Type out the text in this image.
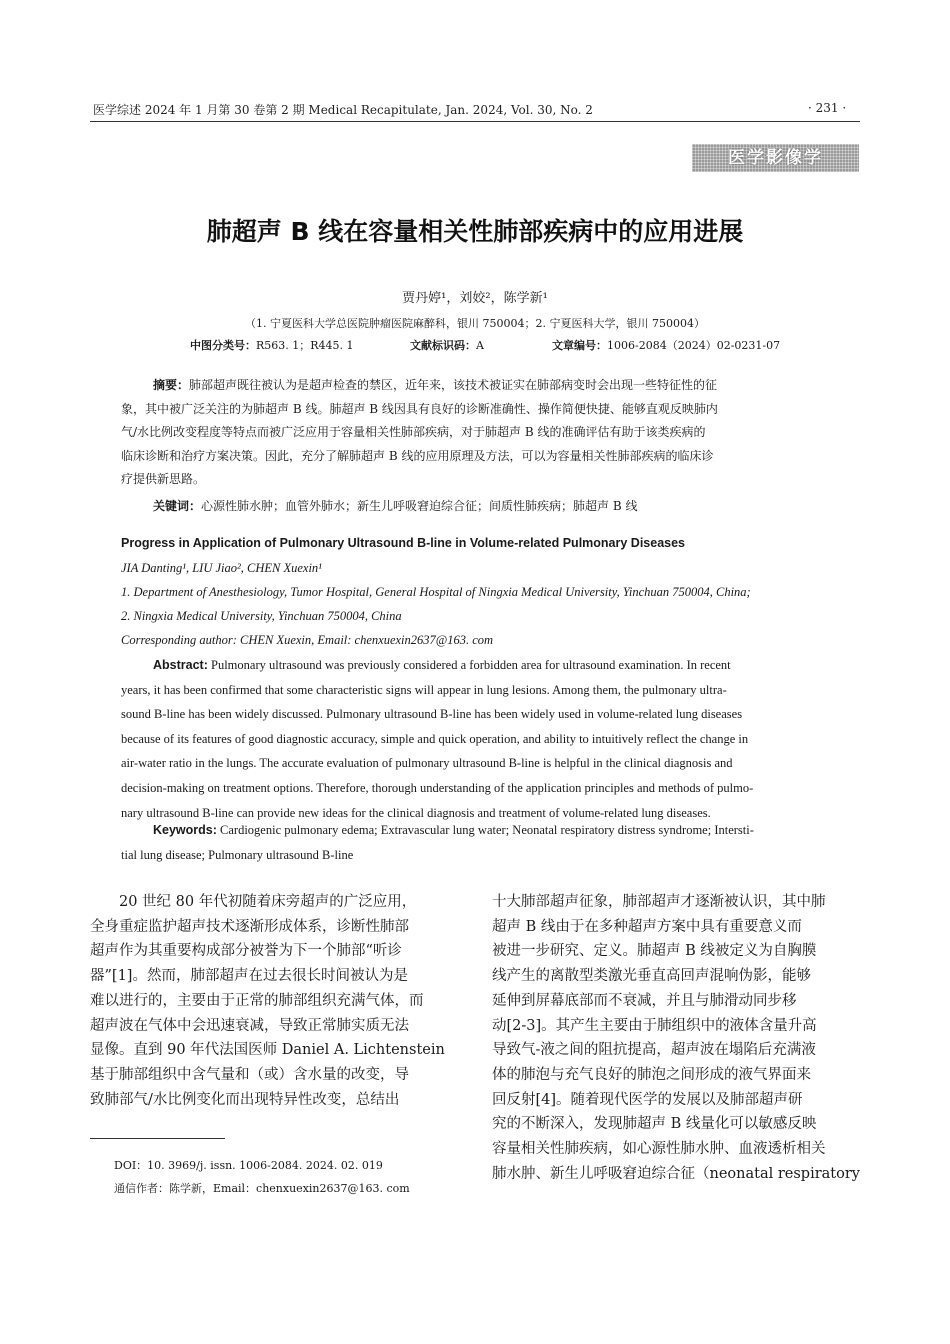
医学综述 2024 年 1 月第 30 卷第 2 期 Medical Recapitulate, Jan. 2024, Vol. 30, No. 2	· 231 ·
医学影像学
肺超声 B 线在容量相关性肺部疾病中的应用进展
贾丹婷¹，刘姣²，陈学新¹
（1. 宁夏医科大学总医院肿瘤医院麻醉科，银川 750004；2. 宁夏医科大学，银川 750004）
中图分类号：R563. 1；R445. 1	文献标识码：A	文章编号：1006-2084（2024）02-0231-07
摘要：肺部超声既往被认为是超声检查的禁区，近年来，该技术被证实在肺部病变时会出现一些特征性的征
象，其中被广泛关注的为肺超声 B 线。肺超声 B 线因具有良好的诊断准确性、操作简便快捷、能够直观反映肺内
气/水比例改变程度等特点而被广泛应用于容量相关性肺部疾病，对于肺超声 B 线的准确评估有助于该类疾病的
临床诊断和治疗方案决策。因此，充分了解肺超声 B 线的应用原理及方法，可以为容量相关性肺部疾病的临床诊
疗提供新思路。
关键词：心源性肺水肿；血管外肺水；新生儿呼吸窘迫综合征；间质性肺疾病；肺超声 B 线
Progress in Application of Pulmonary Ultrasound B-line in Volume-related Pulmonary Diseases
JIA Danting¹, LIU Jiao², CHEN Xuexin¹
1. Department of Anesthesiology, Tumor Hospital, General Hospital of Ningxia Medical University, Yinchuan 750004, China;
2. Ningxia Medical University, Yinchuan 750004, China
Corresponding author: CHEN Xuexin, Email: chenxuexin2637@163. com
Abstract: Pulmonary ultrasound was previously considered a forbidden area for ultrasound examination. In recent
years, it has been confirmed that some characteristic signs will appear in lung lesions. Among them, the pulmonary ultra-
sound B-line has been widely discussed. Pulmonary ultrasound B-line has been widely used in volume-related lung diseases
because of its features of good diagnostic accuracy, simple and quick operation, and ability to intuitively reflect the change in
air-water ratio in the lungs. The accurate evaluation of pulmonary ultrasound B-line is helpful in the clinical diagnosis and
decision-making on treatment options. Therefore, thorough understanding of the application principles and methods of pulmo-
nary ultrasound B-line can provide new ideas for the clinical diagnosis and treatment of volume-related lung diseases.
Keywords: Cardiogenic pulmonary edema; Extravascular lung water; Neonatal respiratory distress syndrome; Intersti-
tial lung disease; Pulmonary ultrasound B-line
20 世纪 80 年代初随着床旁超声的广泛应用，
全身重症监护超声技术逐渐形成体系，诊断性肺部
超声作为其重要构成部分被誉为下一个肺部“听诊
器”[1]。然而，肺部超声在过去很长时间被认为是
难以进行的，主要由于正常的肺部组织充满气体，而
超声波在气体中会迅速衰减，导致正常肺实质无法
显像。直到 90 年代法国医师 Daniel A. Lichtenstein
基于肺部组织中含气量和（或）含水量的改变，导
致肺部气/水比例变化而出现特异性改变，总结出
十大肺部超声征象，肺部超声才逐渐被认识，其中肺
超声 B 线由于在多种超声方案中具有重要意义而
被进一步研究、定义。肺超声 B 线被定义为自胸膜
线产生的离散型类激光垂直高回声混响伪影，能够
延伸到屏幕底部而不衰减，并且与肺滑动同步移
动[2-3]。其产生主要由于肺组织中的液体含量升高
导致气-液之间的阻抗提高，超声波在塌陷后充满液
体的肺泡与充气良好的肺泡之间形成的液气界面来
回反射[4]。随着现代医学的发展以及肺部超声研
究的不断深入，发现肺超声 B 线量化可以敏感反映
容量相关性肺疾病，如心源性肺水肿、血液透析相关
肺水肿、新生儿呼吸窘迫综合征（neonatal respiratory
DOI：10. 3969/j. issn. 1006-2084. 2024. 02. 019
通信作者：陈学新，Email：chenxuexin2637@163. com
